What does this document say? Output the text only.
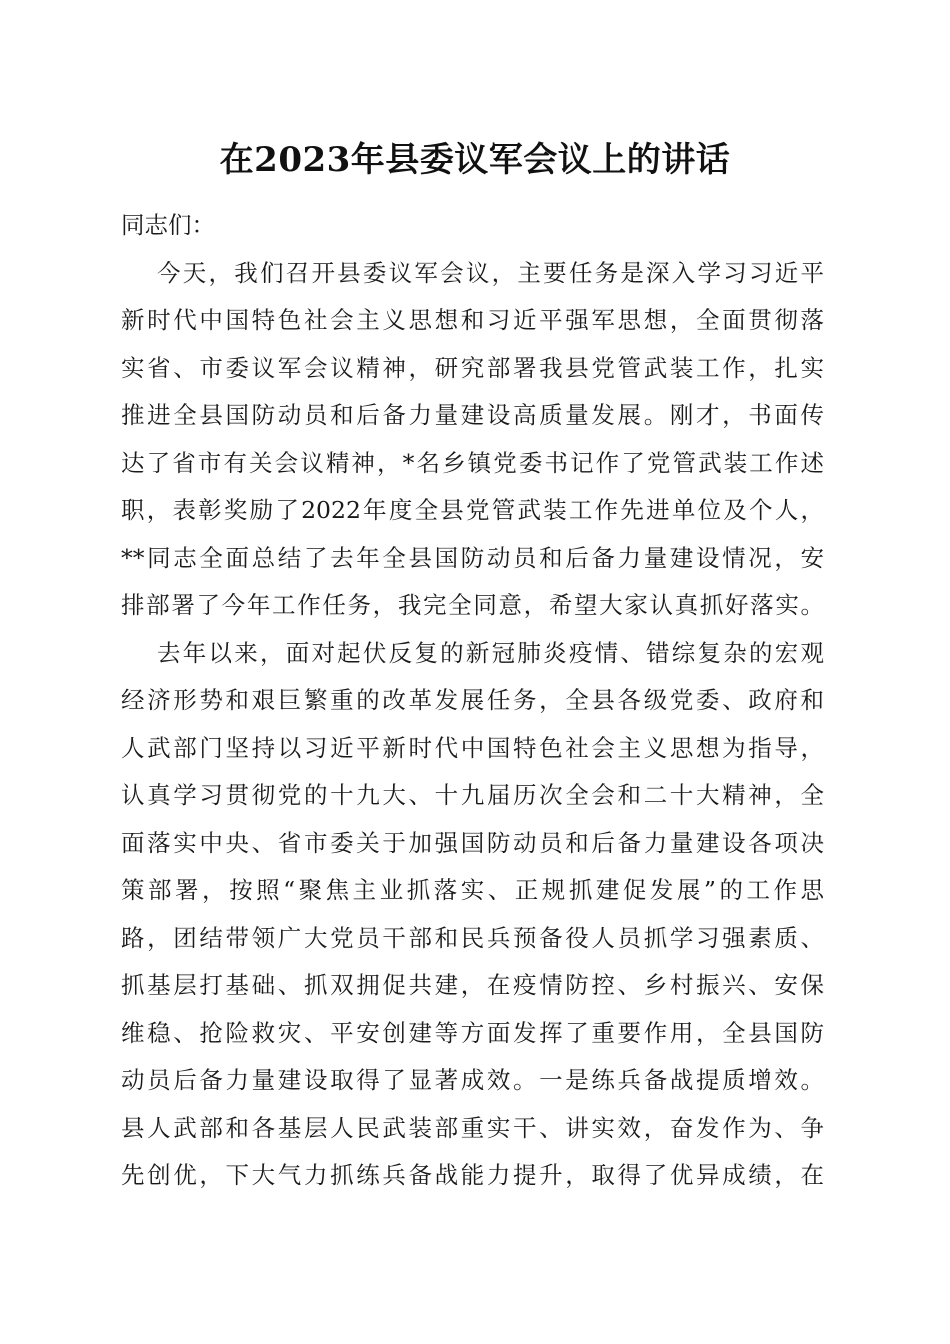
在2023年县委议军会议上的讲话
同志们：
今天，我们召开县委议军会议，主要任务是深入学习习近平
新时代中国特色社会主义思想和习近平强军思想，全面贯彻落
实省、市委议军会议精神，研究部署我县党管武装工作，扎实
推进全县国防动员和后备力量建设高质量发展。刚才，书面传
达了省市有关会议精神，*名乡镇党委书记作了党管武装工作述
职，表彰奖励了2022年度全县党管武装工作先进单位及个人，
**同志全面总结了去年全县国防动员和后备力量建设情况，安
排部署了今年工作任务，我完全同意，希望大家认真抓好落实。
去年以来，面对起伏反复的新冠肺炎疫情、错综复杂的宏观
经济形势和艰巨繁重的改革发展任务，全县各级党委、政府和
人武部门坚持以习近平新时代中国特色社会主义思想为指导，
认真学习贯彻党的十九大、十九届历次全会和二十大精神，全
面落实中央、省市委关于加强国防动员和后备力量建设各项决
策部署，按照“聚焦主业抓落实、正规抓建促发展”的工作思
路，团结带领广大党员干部和民兵预备役人员抓学习强素质、
抓基层打基础、抓双拥促共建，在疫情防控、乡村振兴、安保
维稳、抢险救灾、平安创建等方面发挥了重要作用，全县国防
动员后备力量建设取得了显著成效。一是练兵备战提质增效。
县人武部和各基层人民武装部重实干、讲实效，奋发作为、争
先创优，下大气力抓练兵备战能力提升，取得了优异成绩，在
